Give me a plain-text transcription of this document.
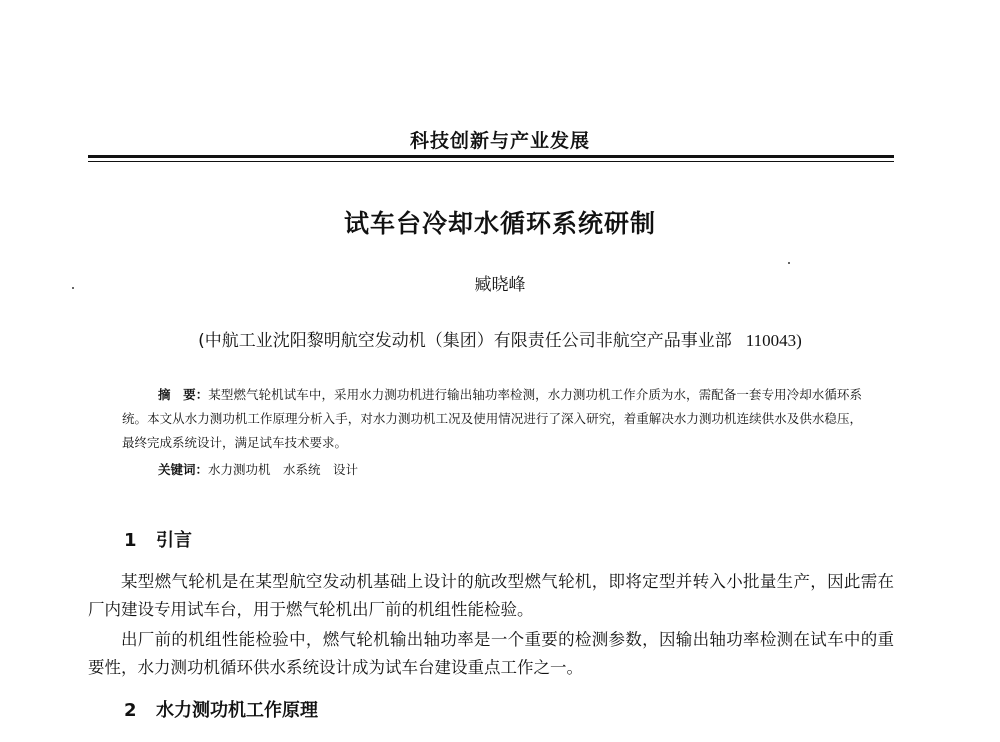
科技创新与产业发展
试车台冷却水循环系统研制
臧晓峰
(中航工业沈阳黎明航空发动机（集团）有限责任公司非航空产品事业部 110043)
摘　要：某型燃气轮机试车中，采用水力测功机进行输出轴功率检测，水力测功机工作介质为水，需配备一套专用冷却水循环系统。本文从水力测功机工作原理分析入手，对水力测功机工况及使用情况进行了深入研究，着重解决水力测功机连续供水及供水稳压，最终完成系统设计，满足试车技术要求。
关键词：水力测功机　水系统　设计
1 引言
某型燃气轮机是在某型航空发动机基础上设计的航改型燃气轮机，即将定型并转入小批量生产，因此需在厂内建设专用试车台，用于燃气轮机出厂前的机组性能检验。
出厂前的机组性能检验中，燃气轮机输出轴功率是一个重要的检测参数，因输出轴功率检测在试车中的重要性，水力测功机循环供水系统设计成为试车台建设重点工作之一。
2 水力测功机工作原理
